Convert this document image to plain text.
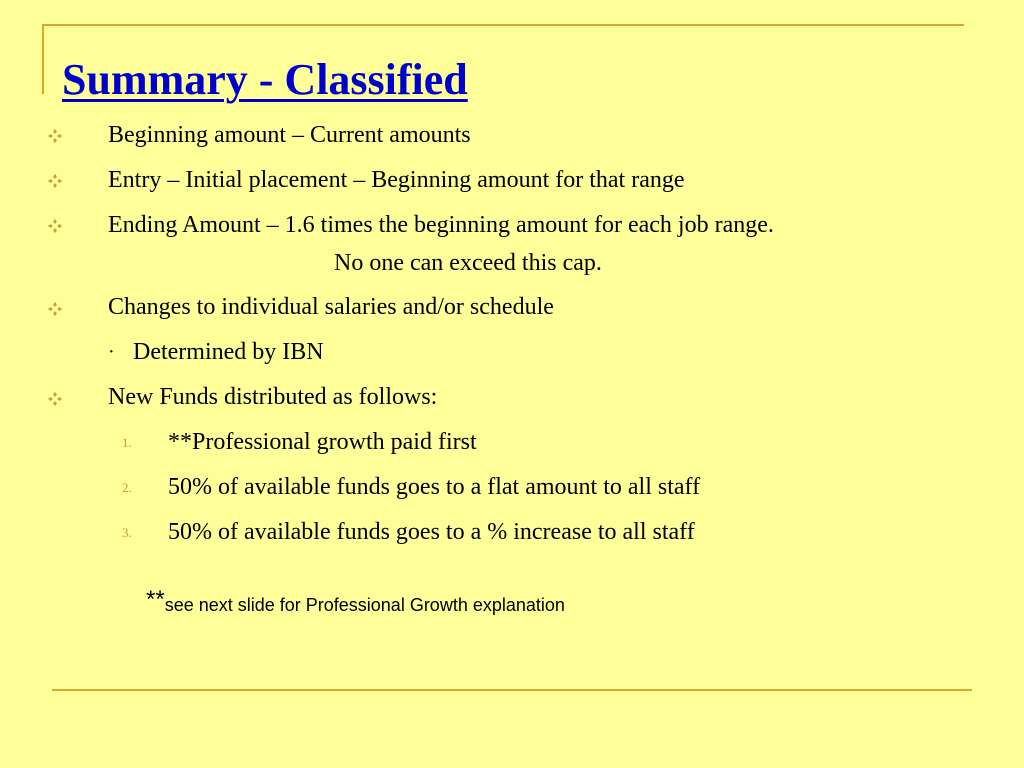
Summary - Classified
Beginning amount – Current amounts
Entry – Initial placement – Beginning amount for that range
Ending Amount – 1.6 times the beginning amount for each job range.
No one can exceed this cap.
Changes to individual salaries and/or schedule
· Determined by IBN
New Funds distributed as follows:
1. **Professional growth paid first
2. 50% of available funds goes to a flat amount to all staff
3. 50% of available funds goes to a % increase to all staff
**see next slide for Professional Growth explanation
